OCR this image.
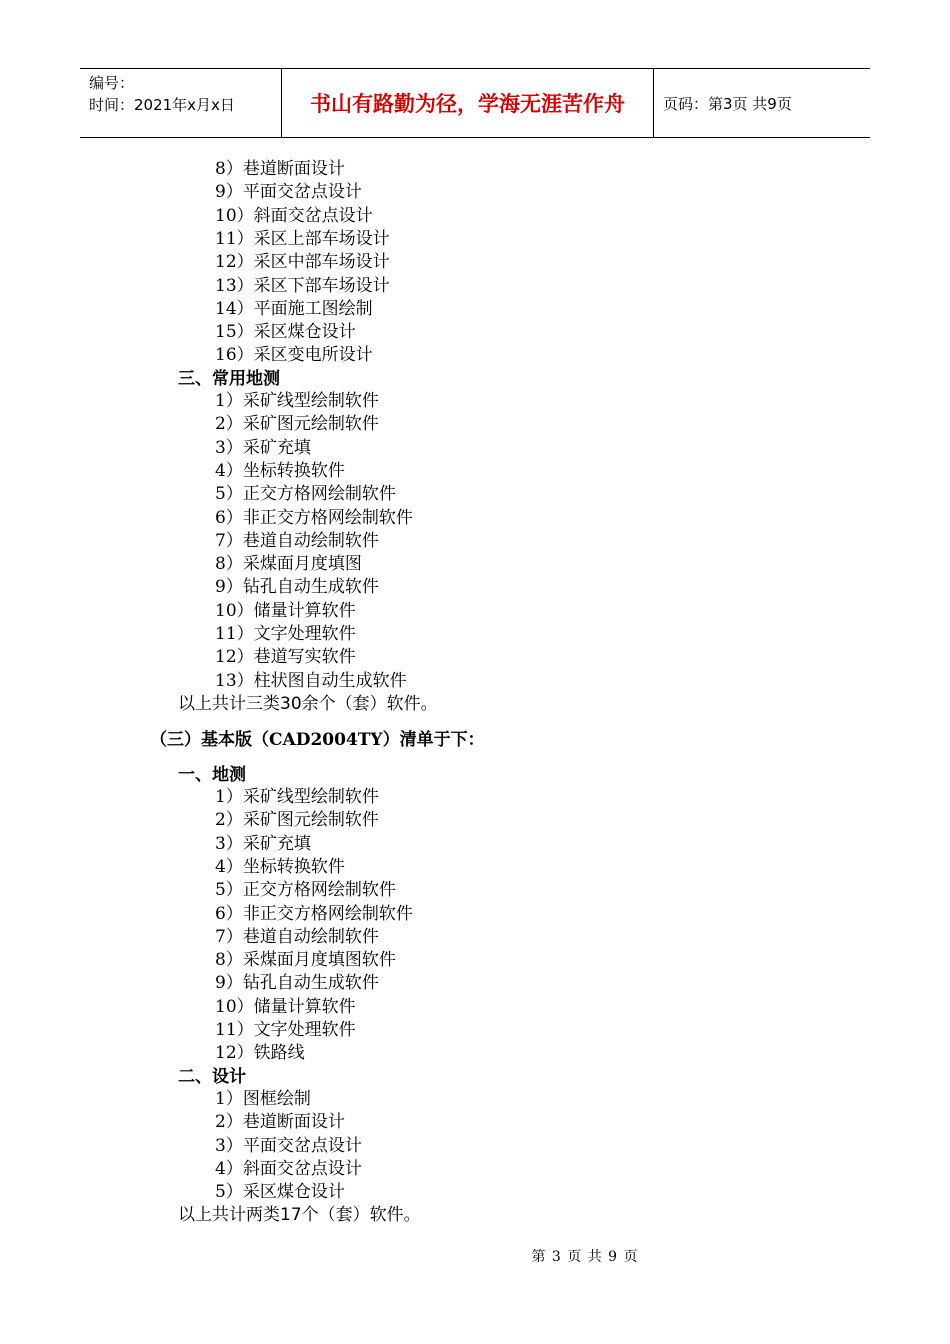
编号：
时间：2021年x月x日	书山有路勤为径，学海无涯苦作舟	页码：第3页 共9页
8）巷道断面设计
9）平面交岔点设计
10）斜面交岔点设计
11）采区上部车场设计
12）采区中部车场设计
13）采区下部车场设计
14）平面施工图绘制
15）采区煤仓设计
16）采区变电所设计
三、常用地测
1）采矿线型绘制软件
2）采矿图元绘制软件
3）采矿充填
4）坐标转换软件
5）正交方格网绘制软件
6）非正交方格网绘制软件
7）巷道自动绘制软件
8）采煤面月度填图
9）钻孔自动生成软件
10）储量计算软件
11）文字处理软件
12）巷道写实软件
13）柱状图自动生成软件
以上共计三类30余个（套）软件。
（三）基本版（CAD2004TY）清单于下：
一、地测
1）采矿线型绘制软件
2）采矿图元绘制软件
3）采矿充填
4）坐标转换软件
5）正交方格网绘制软件
6）非正交方格网绘制软件
7）巷道自动绘制软件
8）采煤面月度填图软件
9）钻孔自动生成软件
10）储量计算软件
11）文字处理软件
12）铁路线
二、设计
1）图框绘制
2）巷道断面设计
3）平面交岔点设计
4）斜面交岔点设计
5）采区煤仓设计
以上共计两类17个（套）软件。
第 3 页 共 9 页
